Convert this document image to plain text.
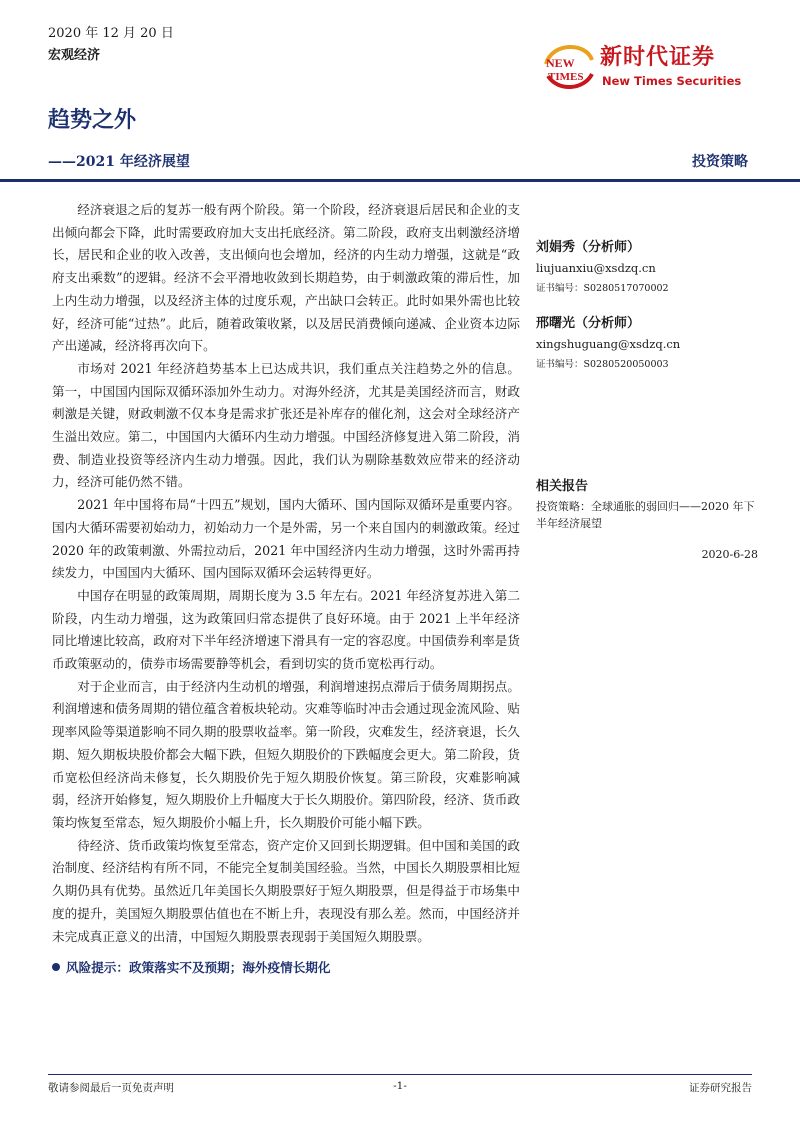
2020 年 12 月 20 日
宏观经济
趋势之外
——2021 年经济展望	投资策略
NEW
TIMES
新时代证券
New Times Securities

经济衰退之后的复苏一般有两个阶段。第一个阶段，经济衰退后居民和企业的支出倾向都会下降，此时需要政府加大支出托底经济。第二阶段，政府支出刺激经济增长，居民和企业的收入改善，支出倾向也会增加，经济的内生动力增强，这就是“政府支出乘数”的逻辑。经济不会平滑地收敛到长期趋势，由于刺激政策的滞后性，加上内生动力增强，以及经济主体的过度乐观，产出缺口会转正。此时如果外需也比较好，经济可能“过热”。此后，随着政策收紧，以及居民消费倾向递减、企业资本边际产出递减，经济将再次向下。

市场对 2021 年经济趋势基本上已达成共识，我们重点关注趋势之外的信息。第一，中国国内国际双循环添加外生动力。对海外经济，尤其是美国经济而言，财政刺激是关键，财政刺激不仅本身是需求扩张还是补库存的催化剂，这会对全球经济产生溢出效应。第二，中国国内大循环内生动力增强。中国经济修复进入第二阶段，消费、制造业投资等经济内生动力增强。因此，我们认为剔除基数效应带来的经济动力，经济可能仍然不错。

2021 年中国将布局“十四五”规划，国内大循环、国内国际双循环是重要内容。国内大循环需要初始动力，初始动力一个是外需，另一个来自国内的刺激政策。经过 2020 年的政策刺激、外需拉动后，2021 年中国经济内生动力增强，这时外需再持续发力，中国国内大循环、国内国际双循环会运转得更好。

中国存在明显的政策周期，周期长度为 3.5 年左右。2021 年经济复苏进入第二阶段，内生动力增强，这为政策回归常态提供了良好环境。由于 2021 上半年经济同比增速比较高，政府对下半年经济增速下滑具有一定的容忍度。中国债券利率是货币政策驱动的，债券市场需要静等机会，看到切实的货币宽松再行动。

对于企业而言，由于经济内生动机的增强，利润增速拐点滞后于债务周期拐点。利润增速和债务周期的错位蕴含着板块轮动。灾难等临时冲击会通过现金流风险、贴现率风险等渠道影响不同久期的股票收益率。第一阶段，灾难发生，经济衰退，长久期、短久期板块股价都会大幅下跌，但短久期股价的下跌幅度会更大。第二阶段，货币宽松但经济尚未修复，长久期股价先于短久期股价恢复。第三阶段，灾难影响减弱，经济开始修复，短久期股价上升幅度大于长久期股价。第四阶段，经济、货币政策均恢复至常态，短久期股价小幅上升，长久期股价可能小幅下跌。

待经济、货币政策均恢复至常态，资产定价又回到长期逻辑。但中国和美国的政治制度、经济结构有所不同，不能完全复制美国经验。当然，中国长久期股票相比短久期仍具有优势。虽然近几年美国长久期股票好于短久期股票，但是得益于市场集中度的提升，美国短久期股票估值也在不断上升，表现没有那么差。然而，中国经济并未完成真正意义的出清，中国短久期股票表现弱于美国短久期股票。

风险提示：政策落实不及预期；海外疫情长期化
刘娟秀（分析师）
liujuanxiu@xsdzq.cn
证书编号：S0280517070002
邢曙光（分析师）
xingshuguang@xsdzq.cn
证书编号：S0280520050003
相关报告
投资策略：全球通胀的弱回归——2020 年下半年经济展望
2020-6-28
敬请参阅最后一页免责声明	-1-	证券研究报告
